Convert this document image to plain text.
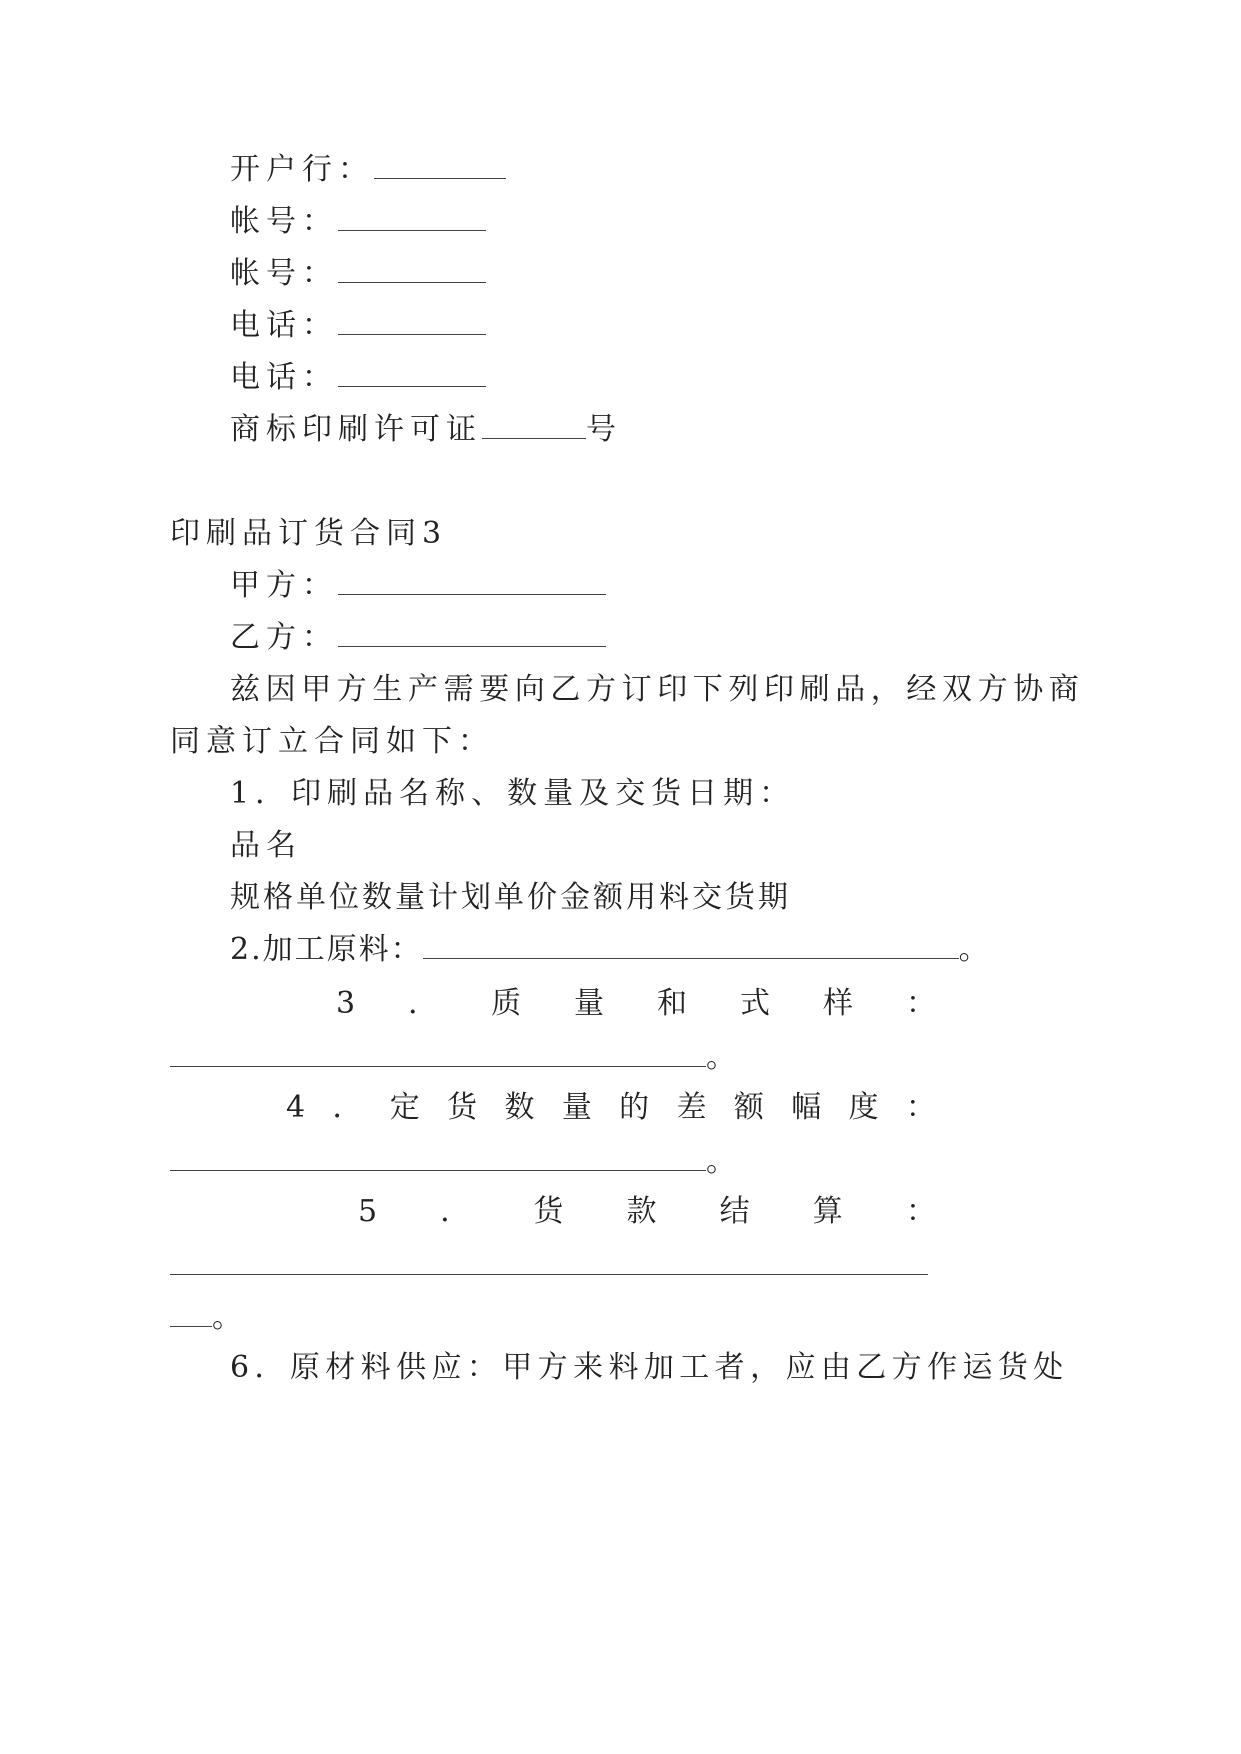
开户行：
帐号：
帐号：
电话：
电话：
商标印刷许可证	号
印刷品订货合同3
甲方：
乙方：
兹因甲方生产需要向乙方订印下列印刷品，经双方协商
同意订立合同如下：
1．印刷品名称、数量及交货日期：
品名
规格单位数量计划单价金额用料交货期
2.加工原料：	。
3 ． 质 量 和 式 样 ：
。
4 ． 定 货 数 量 的 差 额 幅 度 ：
。
5 ． 货 款 结 算 ：
。
6．原材料供应：甲方来料加工者，应由乙方作运货处
